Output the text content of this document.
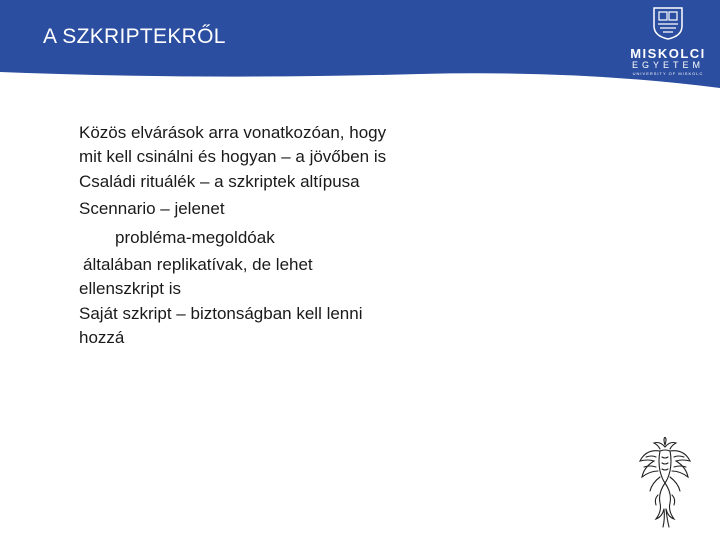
A SZKRIPTEKRŐL
MISKOLCI
EGYETEM
UNIVERSITY OF MISKOLC
Közös elvárások arra vonatkozóan, hogy
mit kell csinálni és hogyan – a jövőben is
Családi rituálék – a szkriptek altípusa
Scennario – jelenet
probléma-megoldóak
általában replikatívak, de lehet
ellenszkript is
Saját szkript – biztonságban kell lenni
hozzá
